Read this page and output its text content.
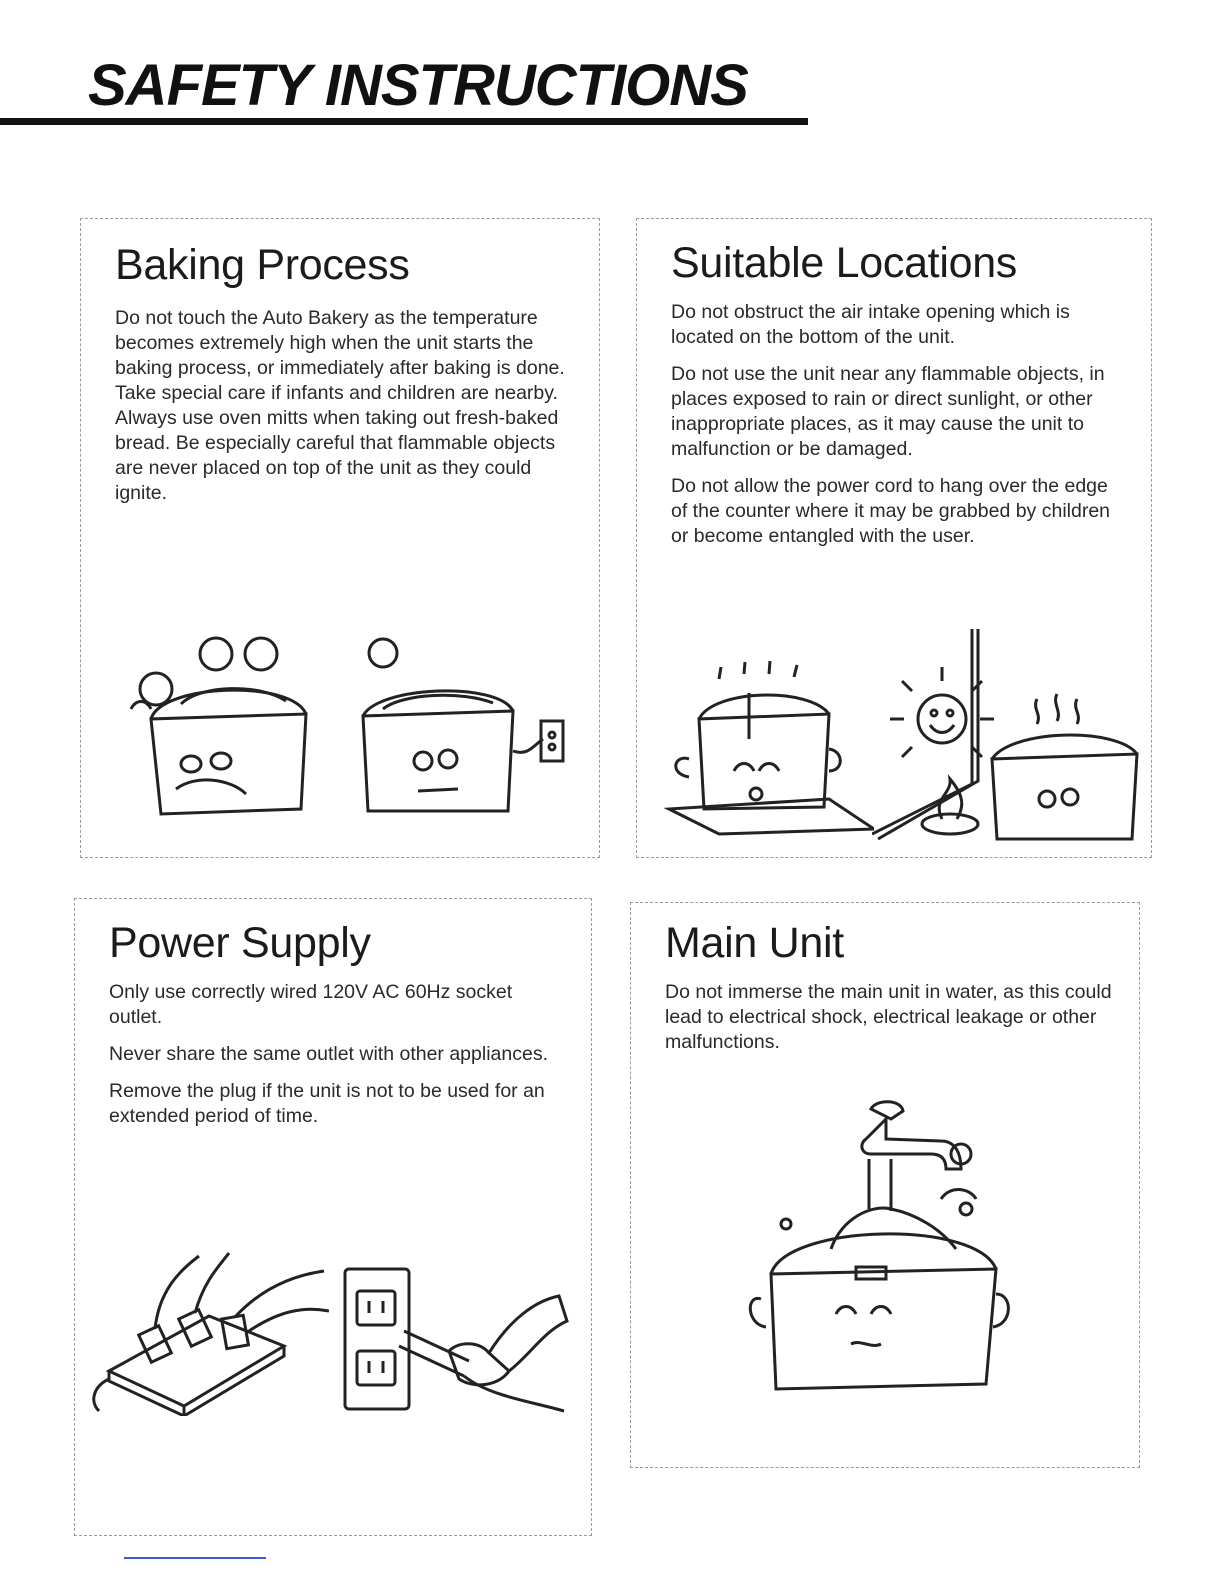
SAFETY INSTRUCTIONS
Baking Process

Do not touch the Auto Bakery as the temperature becomes extremely high when the unit starts the baking process, or immediately after baking is done. Take special care if infants and children are nearby. Always use oven mitts when taking out fresh-baked bread. Be especially careful that flammable objects are never placed on top of the unit as they could ignite.

Suitable Locations

Do not obstruct the air intake opening which is located on the bottom of the unit.

Do not use the unit near any flammable objects, in places exposed to rain or direct sunlight, or other inappropriate places, as it may cause the unit to malfunction or be damaged.

Do not allow the power cord to hang over the edge of the counter where it may be grabbed by children or become entangled with the user.

Power Supply

Only use correctly wired 120V AC 60Hz socket outlet.

Never share the same outlet with other appliances.

Remove the plug if the unit is not to be used for an extended period of time.

Main Unit

Do not immerse the main unit in water, as this could lead to electrical shock, electrical leakage or other malfunctions.
